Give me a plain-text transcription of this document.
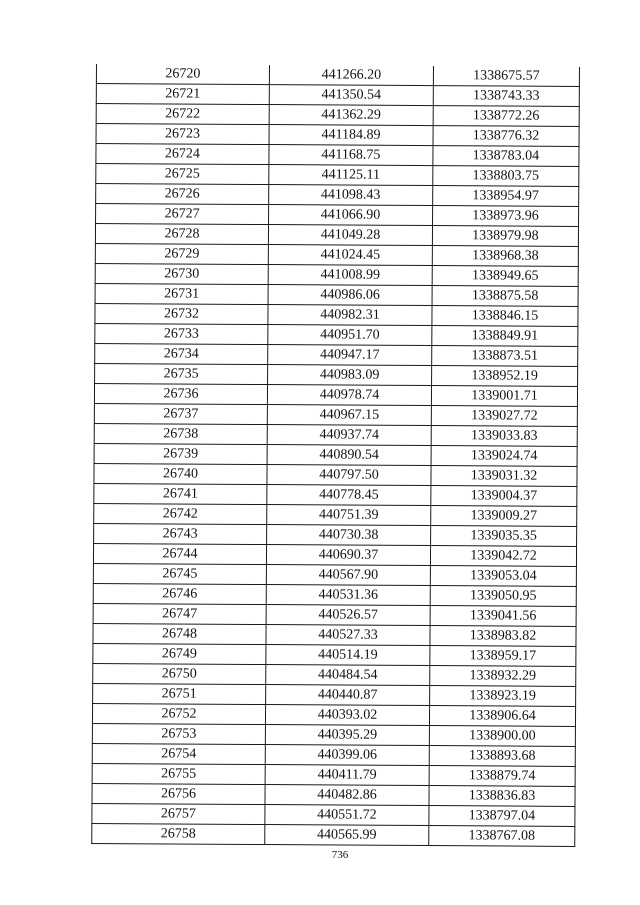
26720	441266.20	1338675.57
26721	441350.54	1338743.33
26722	441362.29	1338772.26
26723	441184.89	1338776.32
26724	441168.75	1338783.04
26725	441125.11	1338803.75
26726	441098.43	1338954.97
26727	441066.90	1338973.96
26728	441049.28	1338979.98
26729	441024.45	1338968.38
26730	441008.99	1338949.65
26731	440986.06	1338875.58
26732	440982.31	1338846.15
26733	440951.70	1338849.91
26734	440947.17	1338873.51
26735	440983.09	1338952.19
26736	440978.74	1339001.71
26737	440967.15	1339027.72
26738	440937.74	1339033.83
26739	440890.54	1339024.74
26740	440797.50	1339031.32
26741	440778.45	1339004.37
26742	440751.39	1339009.27
26743	440730.38	1339035.35
26744	440690.37	1339042.72
26745	440567.90	1339053.04
26746	440531.36	1339050.95
26747	440526.57	1339041.56
26748	440527.33	1338983.82
26749	440514.19	1338959.17
26750	440484.54	1338932.29
26751	440440.87	1338923.19
26752	440393.02	1338906.64
26753	440395.29	1338900.00
26754	440399.06	1338893.68
26755	440411.79	1338879.74
26756	440482.86	1338836.83
26757	440551.72	1338797.04
26758	440565.99	1338767.08
736
